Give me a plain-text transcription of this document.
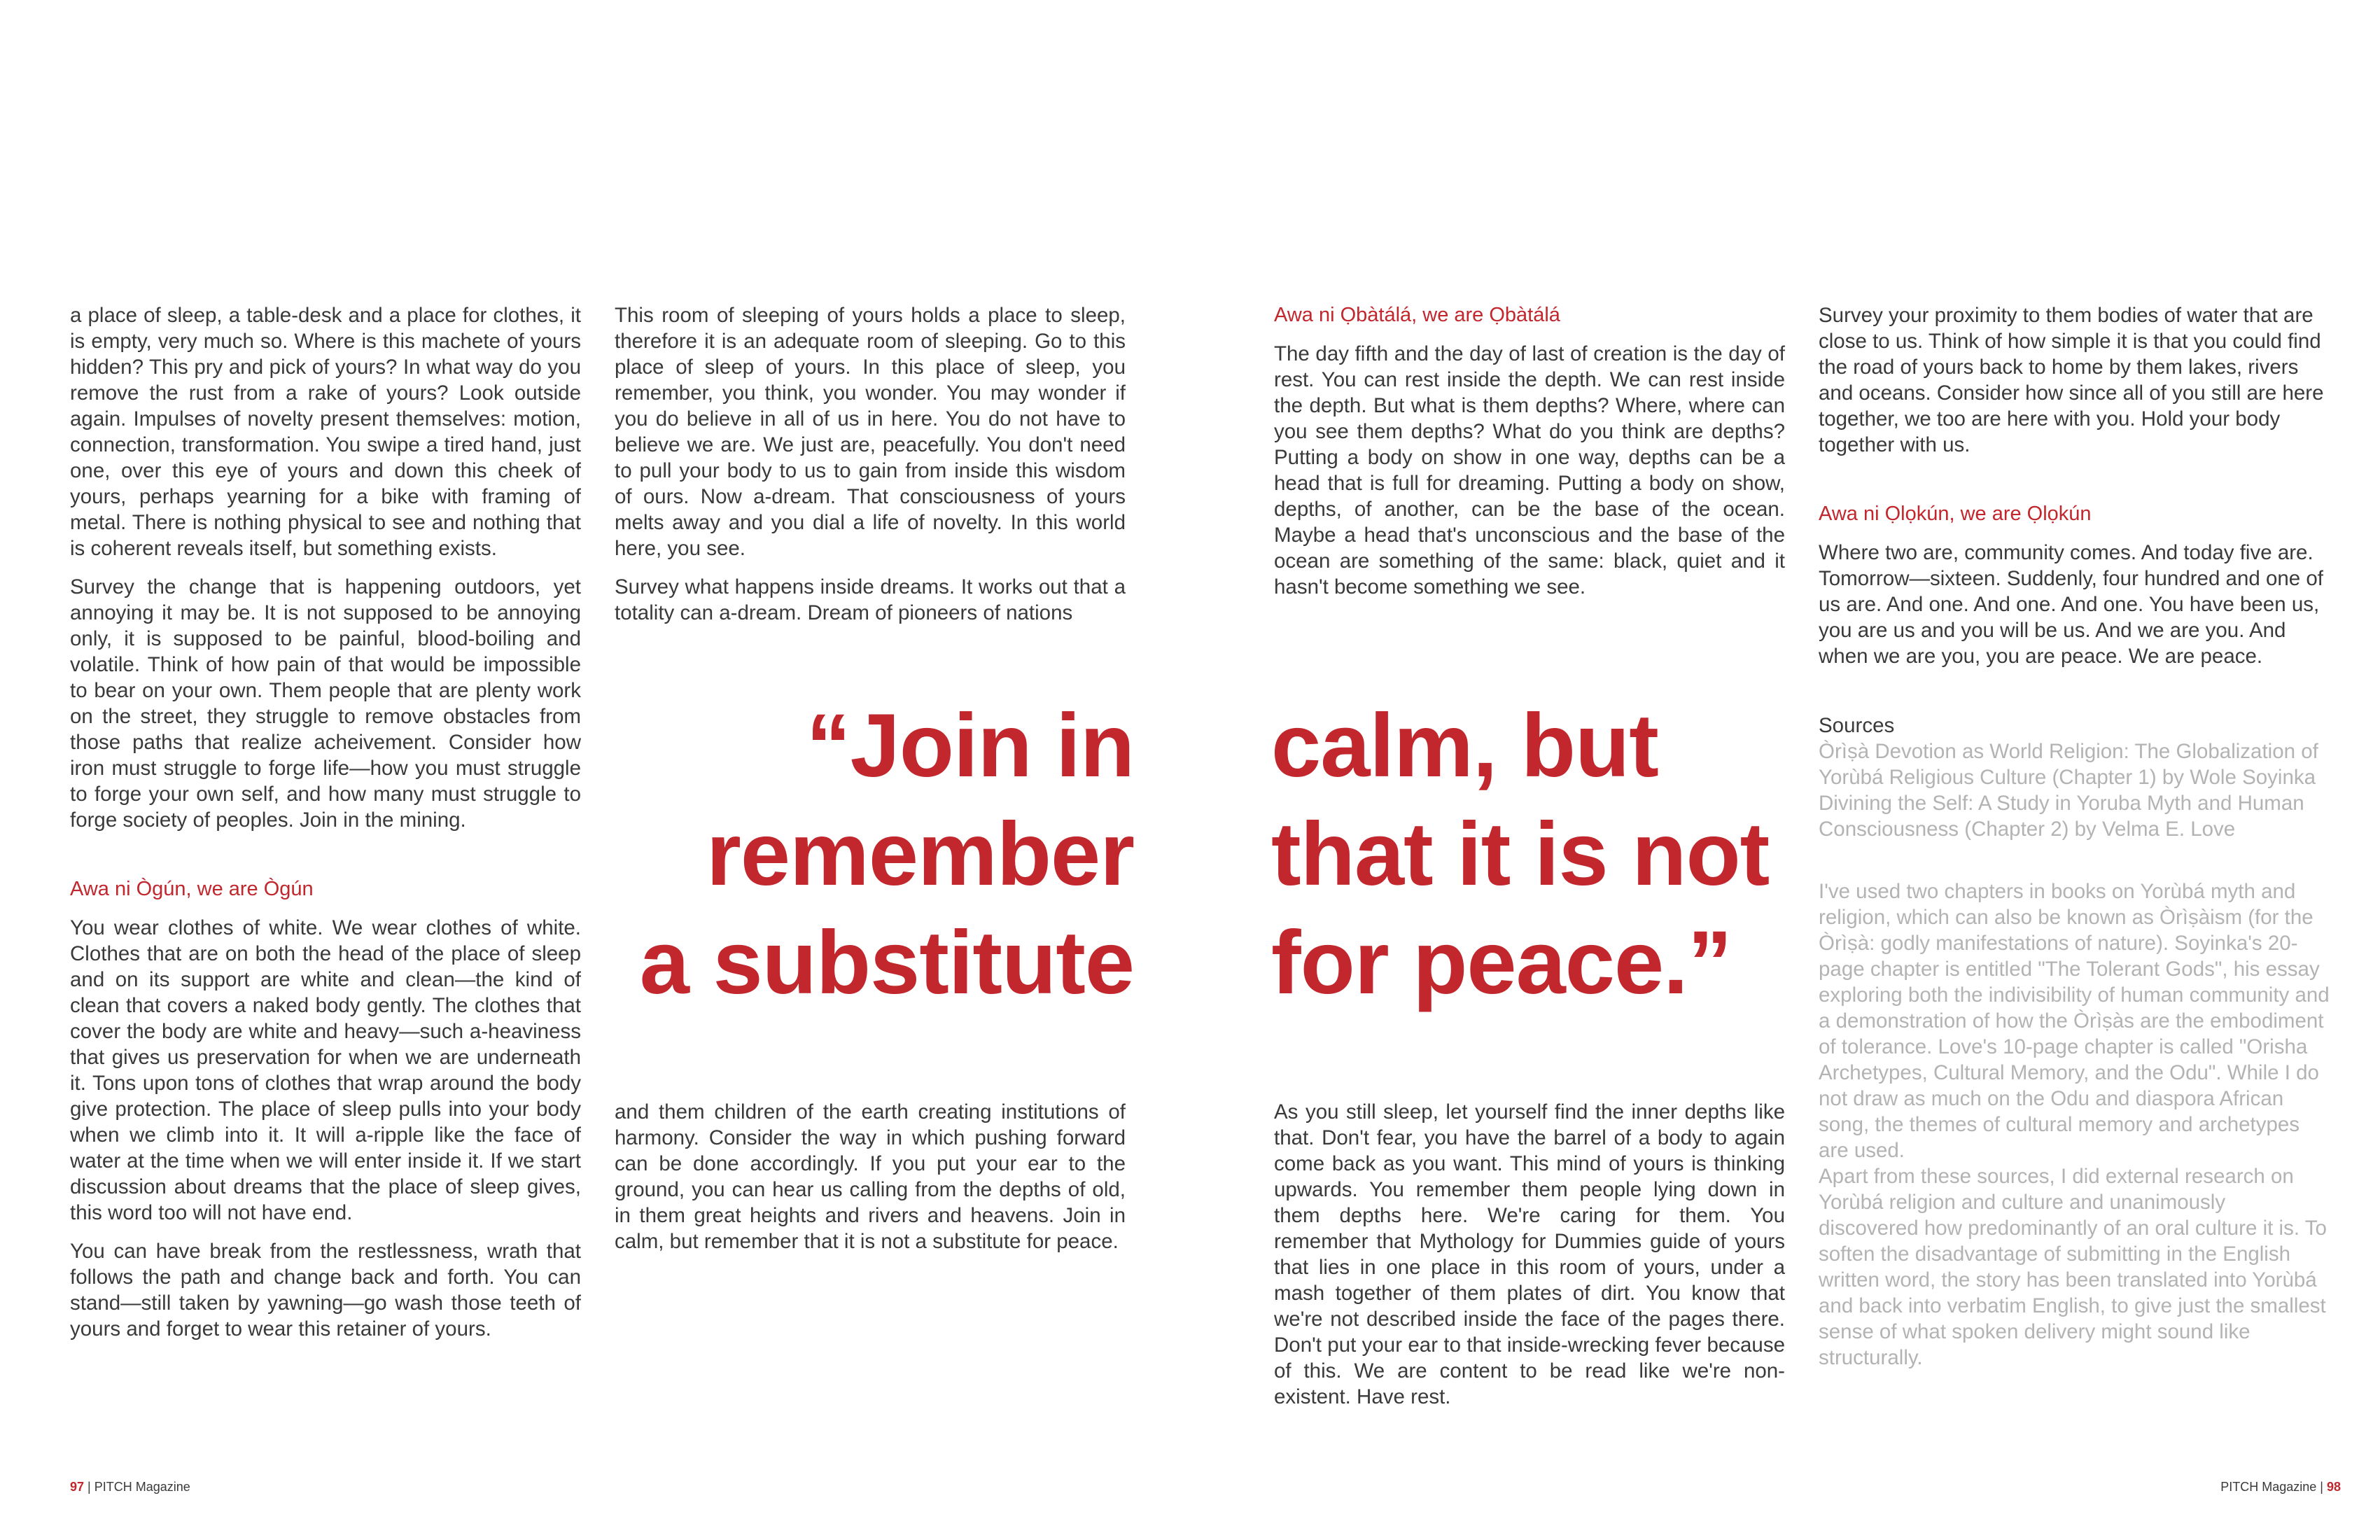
a place of sleep, a table-desk and a place for clothes, it is empty, very much so. Where is this machete of yours hidden? This pry and pick of yours? In what way do you remove the rust from a rake of yours? Look outside again. Impulses of novelty present themselves: motion, connection, transformation. You swipe a tired hand, just one, over this eye of yours and down this cheek of yours, perhaps yearning for a bike with framing of metal. There is nothing physical to see and nothing that is coherent reveals itself, but something exists.

Survey the change that is happening outdoors, yet annoying it may be. It is not supposed to be annoying only, it is supposed to be painful, blood-boiling and volatile. Think of how pain of that would be impossible to bear on your own. Them people that are plenty work on the street, they struggle to remove obstacles from those paths that realize acheivement. Consider how iron must struggle to forge life—how you must struggle to forge your own self, and how many must struggle to forge society of peoples. Join in the mining.

Awa ni Ògún, we are Ògún

You wear clothes of white. We wear clothes of white. Clothes that are on both the head of the place of sleep and on its support are white and clean—the kind of clean that covers a naked body gently. The clothes that cover the body are white and heavy—such a-heaviness that gives us preservation for when we are underneath it. Tons upon tons of clothes that wrap around the body give protection. The place of sleep pulls into your body when we climb into it. It will a-ripple like the face of water at the time when we will enter inside it. If we start discussion about dreams that the place of sleep gives, this word too will not have end.

You can have break from the restlessness, wrath that follows the path and change back and forth. You can stand—still taken by yawning—go wash those teeth of yours and forget to wear this retainer of yours.

This room of sleeping of yours holds a place to sleep, therefore it is an adequate room of sleeping. Go to this place of sleep of yours. In this place of sleep, you remember, you think, you wonder. You may wonder if you do believe in all of us in here. You do not have to believe we are. We just are, peacefully. You don't need to pull your body to us to gain from inside this wisdom of ours. Now a-dream. That consciousness of yours melts away and you dial a life of novelty. In this world here, you see.

Survey what happens inside dreams. It works out that a totality can a-dream. Dream of pioneers of nations

“Join in
remember
a substitute

and them children of the earth creating institutions of harmony. Consider the way in which pushing forward can be done accordingly. If you put your ear to the ground, you can hear us calling from the depths of old, in them great heights and rivers and heavens. Join in calm, but remember that it is not a substitute for peace.

Awa ni Ọbàtálá, we are Ọbàtálá

The day fifth and the day of last of creation is the day of rest. You can rest inside the depth. We can rest inside the depth. But what is them depths? Where, where can you see them depths? What do you think are depths? Putting a body on show in one way, depths can be a head that is full for dreaming. Putting a body on show, depths, of another, can be the base of the ocean. Maybe a head that's unconscious and the base of the ocean are something of the same: black, quiet and it hasn't become something we see.

calm, but
that it is not
for peace.”

As you still sleep, let yourself find the inner depths like that. Don't fear, you have the barrel of a body to again come back as you want. This mind of yours is thinking upwards. You remember them people lying down in them depths here. We're caring for them. You remember that Mythology for Dummies guide of yours that lies in one place in this room of yours, under a mash together of them plates of dirt. You know that we're not described inside the face of the pages there. Don't put your ear to that inside-wrecking fever because of this. We are content to be read like we're non-existent. Have rest.

Survey your proximity to them bodies of water that are close to us. Think of how simple it is that you could find the road of yours back to home by them lakes, rivers and oceans. Consider how since all of you still are here together, we too are here with you. Hold your body together with us.

Awa ni Ọlọkún, we are Ọlọkún

Where two are, community comes. And today five are. Tomorrow—sixteen. Suddenly, four hundred and one of us are. And one. And one. And one. You have been us, you are us and you will be us. And we are you. And when we are you, you are peace. We are peace.

Sources

Òrìṣà Devotion as World Religion: The Globalization of Yorùbá Religious Culture (Chapter 1) by Wole Soyinka

Divining the Self: A Study in Yoruba Myth and Human Consciousness (Chapter 2) by Velma E. Love

I've used two chapters in books on Yorùbá myth and religion, which can also be known as Òrìṣàism (for the Òrìṣà: godly manifestations of nature). Soyinka's 20-page chapter is entitled "The Tolerant Gods", his essay exploring both the indivisibility of human community and a demonstration of how the Òrìṣàs are the embodiment of tolerance. Love's 10-page chapter is called "Orisha Archetypes, Cultural Memory, and the Odu". While I do not draw as much on the Odu and diaspora African song, the themes of cultural memory and archetypes are used.

Apart from these sources, I did external research on Yorùbá religion and culture and unanimously discovered how predominantly of an oral culture it is. To soften the disadvantage of submitting in the English written word, the story has been translated into Yorùbá and back into verbatim English, to give just the smallest sense of what spoken delivery might sound like structurally.

97 | PITCH Magazine	PITCH Magazine | 98
